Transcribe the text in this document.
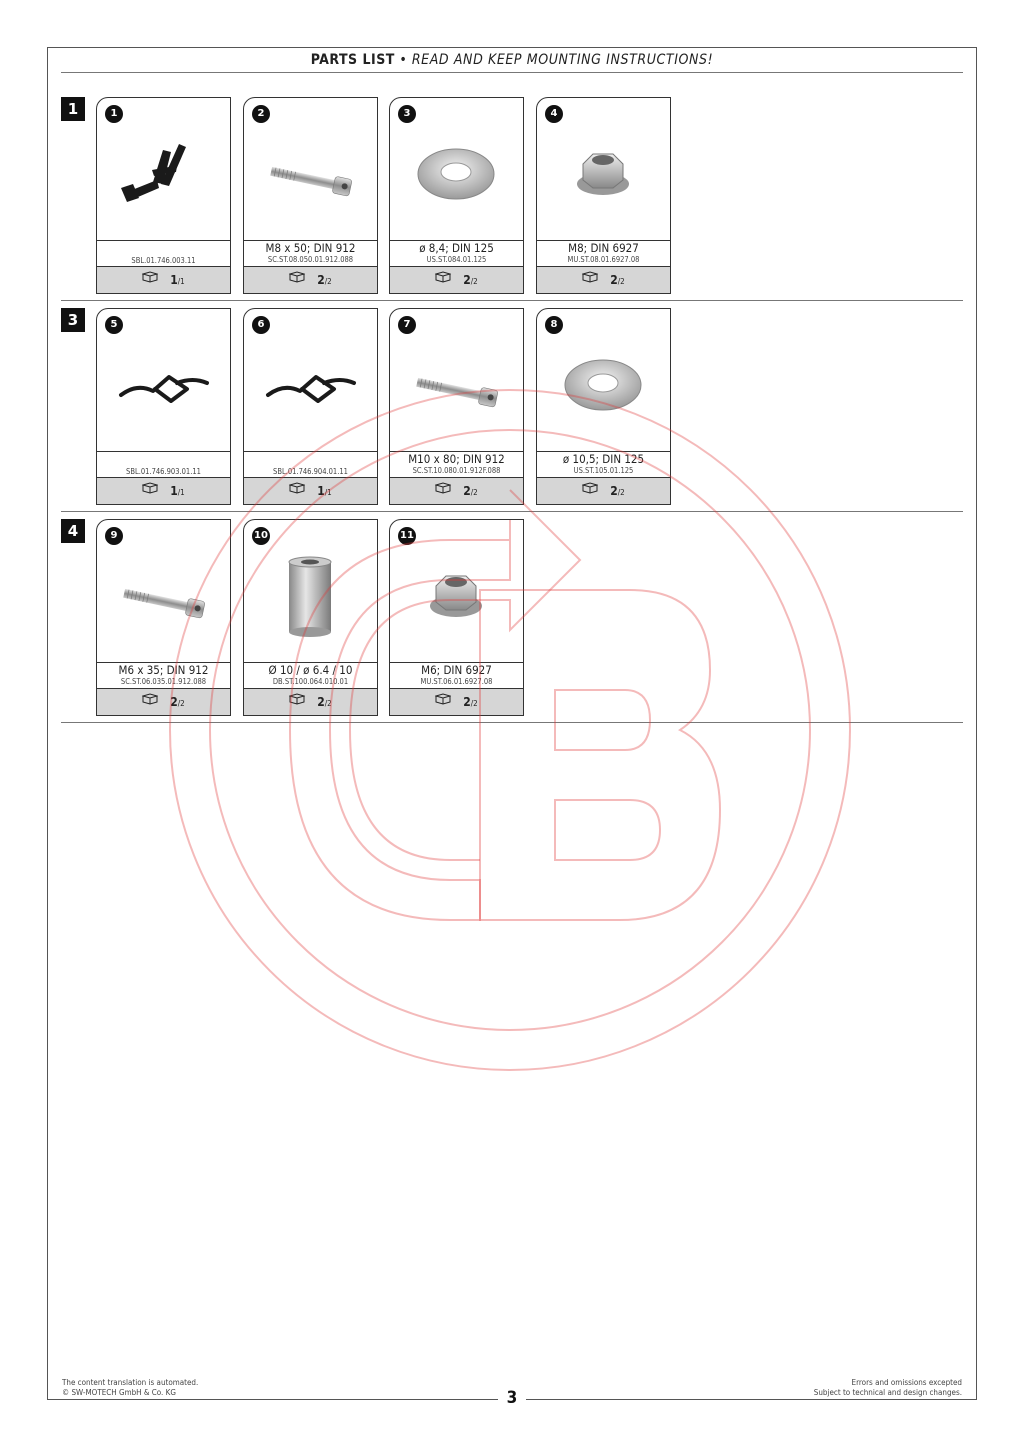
PARTS LIST • READ AND KEEP MOUNTING INSTRUCTIONS!
1	1
SBL.01.746.003.11
1/1
2
M8 x 50; DIN 912
SC.ST.08.050.01.912.088
2/2
3
ø 8,4; DIN 125
US.ST.084.01.125
2/2
4
M8; DIN 6927
MU.ST.08.01.6927.08
2/2
3	5
SBL.01.746.903.01.11
1/1
6
SBL.01.746.904.01.11
1/1
7
M10 x 80; DIN 912
SC.ST.10.080.01.912F.088
2/2
8
ø 10,5; DIN 125
US.ST.105.01.125
2/2
4	9
M6 x 35; DIN 912
SC.ST.06.035.01.912.088
2/2
10
Ø 10 / ø 6.4 / 10
DB.ST.100.064.010.01
2/2
11
M6; DIN 6927
MU.ST.06.01.6927.08
2/2
The content translation is automated.
© SW-MOTECH GmbH & Co. KG
Errors and omissions excepted
Subject to technical and design changes.
3
